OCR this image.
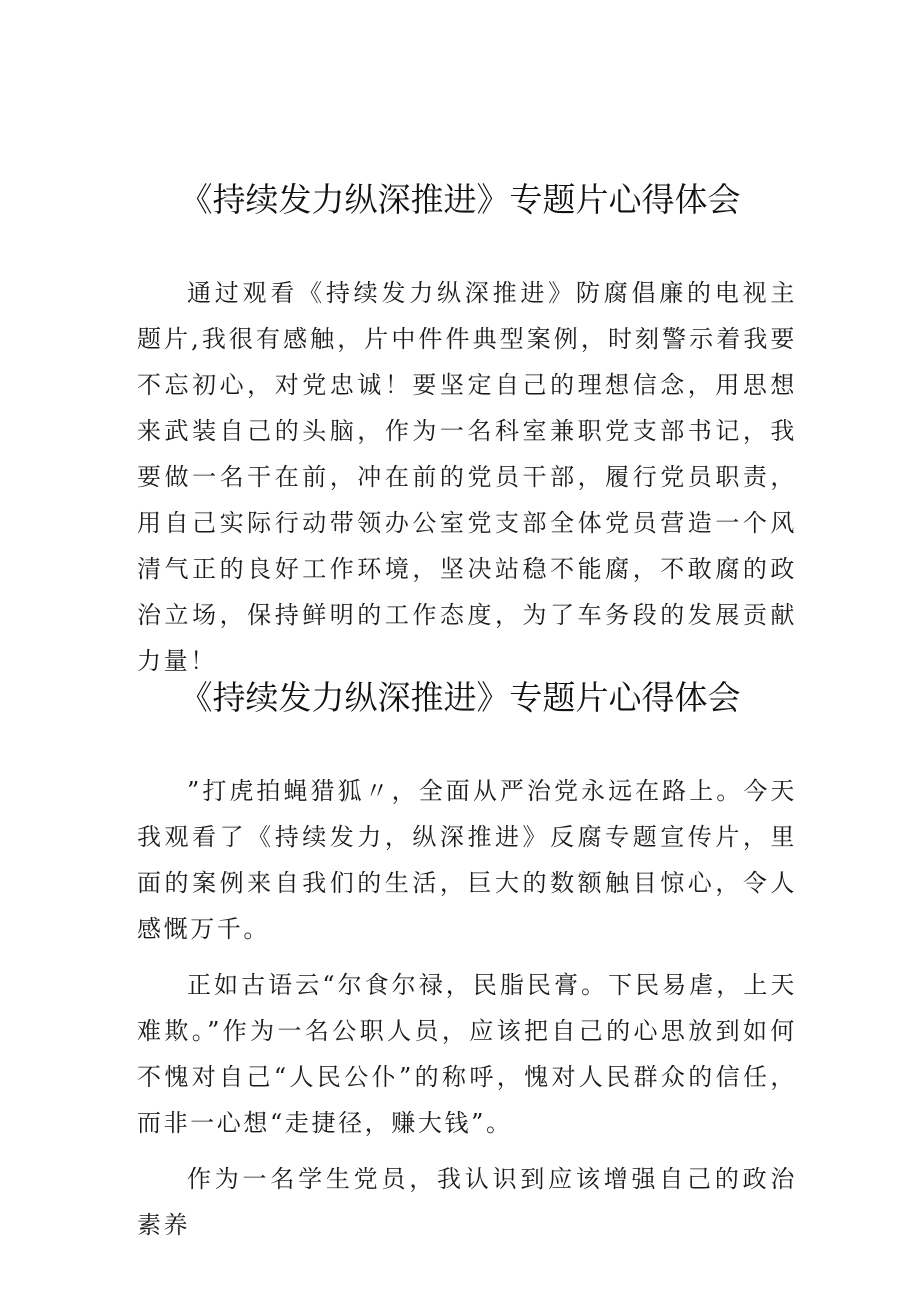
《持续发力纵深推进》专题片心得体会

通过观看《持续发力纵深推进》防腐倡廉的电视主题片,我很有感触，片中件件典型案例，时刻警示着我要不忘初心，对党忠诚！要坚定自己的理想信念，用思想来武装自己的头脑，作为一名科室兼职党支部书记，我要做一名干在前，冲在前的党员干部，履行党员职责，用自己实际行动带领办公室党支部全体党员营造一个风清气正的良好工作环境，坚决站稳不能腐，不敢腐的政治立场，保持鲜明的工作态度，为了车务段的发展贡献力量！

《持续发力纵深推进》专题片心得体会

”打虎拍蝇猎狐〃，全面从严治党永远在路上。今天我观看了《持续发力，纵深推进》反腐专题宣传片，里面的案例来自我们的生活，巨大的数额触目惊心，令人感慨万千。

正如古语云“尔食尔禄，民脂民膏。下民易虐，上天难欺。”作为一名公职人员，应该把自己的心思放到如何不愧对自己“人民公仆”的称呼，愧对人民群众的信任，而非一心想“走捷径，赚大钱”。

作为一名学生党员，我认识到应该增强自己的政治素养
